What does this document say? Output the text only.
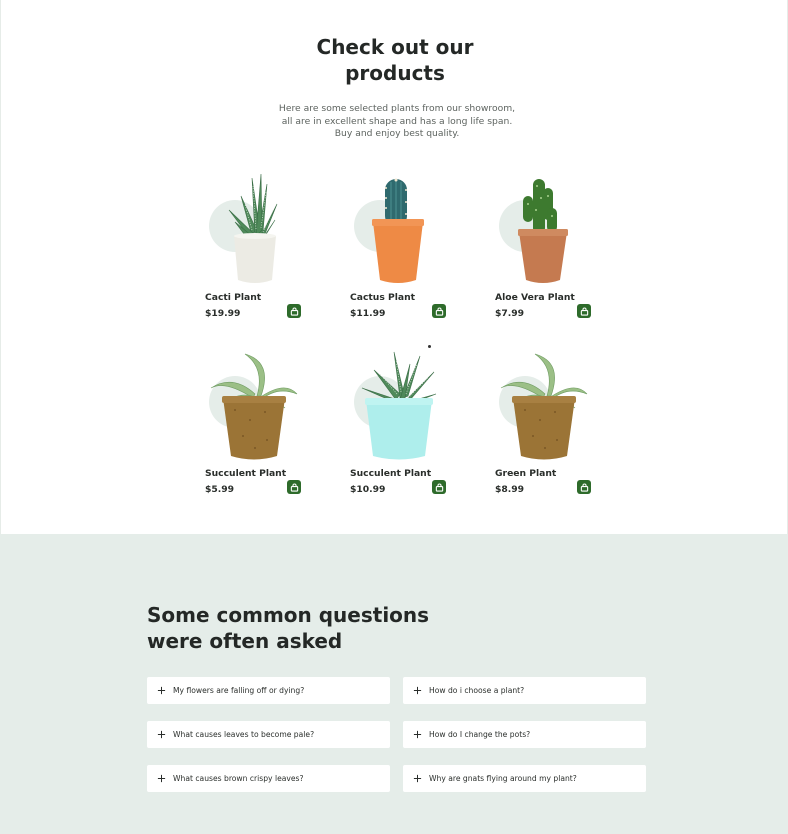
Check out our
products

Here are some selected plants from our showroom, all are in excellent shape and has a long life span. Buy and enjoy best quality.

Cacti Plant
$19.99
Cactus Plant
$11.99
Aloe Vera Plant
$7.99
Succulent Plant
$5.99
Succulent Plant
$10.99
Green Plant
$8.99
Some common questions
were often asked
My flowers are falling off or dying?	How do i choose a plant?
What causes leaves to become pale?	How do I change the pots?
What causes brown crispy leaves?	Why are gnats flying around my plant?
